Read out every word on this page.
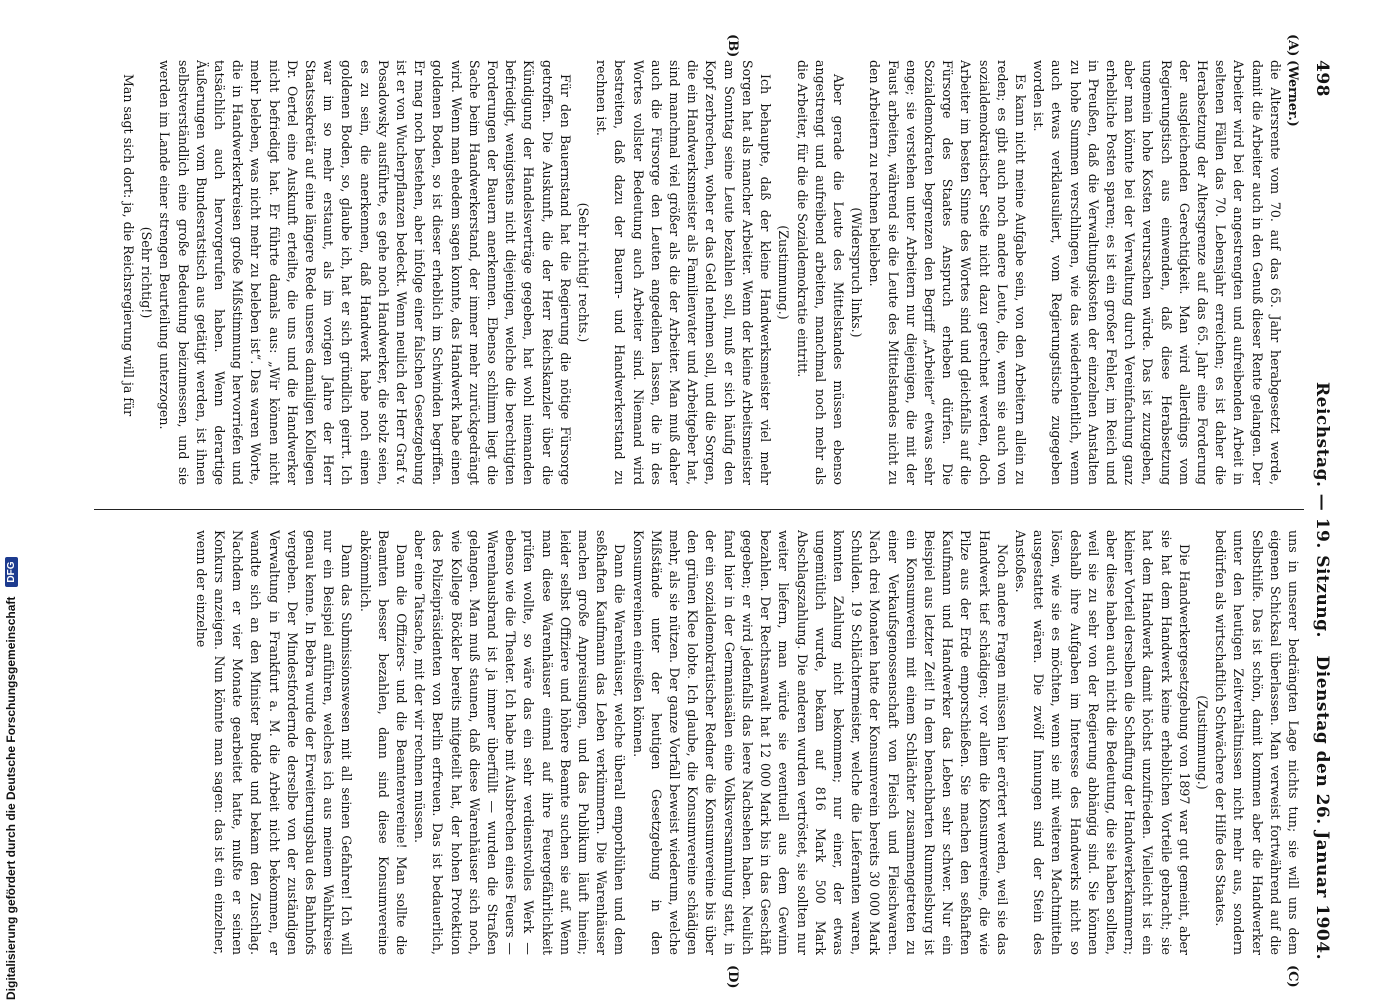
498
Reichstag. — 19. Sitzung.
Dienstag den 26. Januar 1904.
(A)
(B)
(C)
(D)

(Werner.)

die Altersrente vom 70. auf das 65. Jahr herabgesetzt werde, damit die Arbeiter auch in den Genuß dieser Rente gelangen. Der Arbeiter wird bei der angestrengten und aufreibenden Arbeit in seltenen Fällen das 70. Lebensjahr erreichen; es ist daher die Herabsetzung der Altersgrenze auf das 65. Jahr eine Forderung der ausgleichenden Gerechtigkeit. Man wird allerdings vom Regierungstisch aus einwenden, daß diese Herabsetzung ungemein hohe Kosten verursachen würde. Das ist zuzugeben, aber man könnte bei der Verwaltung durch Vereinfachung ganz erhebliche Posten sparen; es ist ein großer Fehler, im Reich und in Preußen, daß die Verwaltungskosten der einzelnen Anstalten zu hohe Summen verschlingen, wie das wiederholentlich, wenn auch etwas verklausuliert, vom Regierungstische zugegeben worden ist.

Es kann nicht meine Aufgabe sein, von den Arbeitern allein zu reden; es gibt auch noch andere Leute, die, wenn sie auch von sozialdemokratischer Seite nicht dazu gerechnet werden, doch Arbeiter im besten Sinne des Wortes sind und gleichfalls auf die Fürsorge des Staates Anspruch erheben dürfen. Die Sozialdemokraten begrenzen den Begriff „Arbeiter“ etwas sehr enge; sie verstehen unter Arbeitern nur diejenigen, die mit der Faust arbeiten, während sie die Leute des Mittelstandes nicht zu den Arbeitern zu rechnen belieben.

(Widerspruch links.)

Aber gerade die Leute des Mittelstandes müssen ebenso angestrengt und aufreibend arbeiten, manchmal noch mehr als die Arbeiter, für die die Sozialdemokratie eintritt.

(Zustimmung.)

Ich behaupte, daß der kleine Handwerksmeister viel mehr Sorgen hat als mancher Arbeiter. Wenn der kleine Arbeitsmeister am Sonntag seine Leute bezahlen soll, muß er sich häufig den Kopf zerbrechen, woher er das Geld nehmen soll, und die Sorgen, die ein Handwerksmeister als Familienvater und Arbeitgeber hat, sind manchmal viel größer als die der Arbeiter. Man muß daher auch die Fürsorge den Leuten angedeihen lassen, die in des Wortes vollster Bedeutung auch Arbeiter sind. Niemand wird bestreiten, daß dazu der Bauern- und Handwerkerstand zu rechnen ist.

(Sehr richtig! rechts.)

Für den Bauernstand hat die Regierung die nötige Fürsorge getroffen. Die Auskunft, die der Herr Reichskanzler über die Kündigung der Handelsverträge gegeben, hat wohl niemanden befriedigt, wenigstens nicht diejenigen, welche die berechtigten Forderungen der Bauern anerkennen. Ebenso schlimm liegt die Sache beim Handwerkerstand, der immer mehr zurückgedrängt wird. Wenn man ehedem sagen konnte, das Handwerk habe einen goldenen Boden, so ist dieser erheblich im Schwinden begriffen. Er mag noch bestehen, aber infolge einer falschen Gesetzgebung ist er von Wucherpflanzen bedeckt. Wenn neulich der Herr Graf v. Posadowsky ausführte, es gehe noch Handwerker, die stolz seien, es zu sein, die anerkennen, daß Handwerk habe noch einen goldenen Boden, so, glaube ich, hat er sich gründlich geirrt. Ich war im so mehr erstaunt, als im vorigen Jahre der Herr Staatssekretär auf eine längere Rede unseres damaligen Kollegen Dr. Oertel eine Auskunft erteilte, die uns und die Handwerker nicht befriedigt hat. Er führte damals aus: „Wir können nicht mehr beleben, was nicht mehr zu beleben ist“. Das waren Worte, die in Handwerkerkreisen große Mißstimmung hervorriefen und tatsächlich auch hervorgerufen haben. Wenn derartige Äußerungen vom Bundesratstisch aus getätigt werden, ist ihnen selbstverständlich eine große Bedeutung beizumessen, und sie werden im Lande einer strengen Beurteilung unterzogen.

(Sehr richtig!)

Man sagt sich dort: ja, die Reichsregierung will ja für

uns in unserer bedrängten Lage nichts tun; sie will uns dem eigenen Schicksal überlassen. Man verweist fortwährend auf die Selbsthilfe. Das ist schön, damit kommen aber die Handwerker unter den heutigen Zeitverhältnissen nicht mehr aus, sondern bedürfen als wirtschaftlich Schwächere der Hilfe des Staates.

(Zustimmung.)

Die Handwerkergesetzgebung von 1897 war gut gemeint, aber sie hat dem Handwerk keine erheblichen Vorteile gebracht; sie hat dem Handwerk damit höchst unzufrieden. Vielleicht ist ein kleiner Vorteil derselben die Schaffung der Handwerkerkammern; aber diese haben auch nicht die Bedeutung, die sie haben sollten, weil sie zu sehr von der Regierung abhängig sind. Sie können deshalb ihre Aufgaben im Interesse des Handwerks nicht so lösen, wie sie es möchten, wenn sie mit weiteren Machtmitteln ausgestattet wären. Die zwölf Innungen sind der Stein des Anstoßes.

Noch andere Fragen müssen hier erörtert werden, weil sie das Handwerk tief schädigen; vor allem die Konsumvereine, die wie Pilze aus der Erde emporschießen. Sie machen den seßhaften Kaufmann und Handwerker das Leben sehr schwer. Nur ein Beispiel aus letzter Zeit! In dem benachbarten Rummelsburg ist ein Konsumverein mit einem Schlächter zusammengetreten zu einer Verkaufsgenossenschaft von Fleisch und Fleischwaren. Nach drei Monaten hatte der Konsumverein bereits 30 000 Mark Schulden. 19 Schlächtermeister, welche die Lieferanten waren, konnten Zahlung nicht bekommen; nur einer, der etwas ungemütlich wurde, bekam auf 816 Mark 500 Mark Abschlagszahlung. Die anderen wurden vertröstet, sie sollten nur weiter liefern, man würde sie eventuell aus dem Gewinn bezahlen. Der Rechtsanwalt hat 12 000 Mark bis in das Geschäft gegeben; er wird jedenfalls das leere Nachsehen haben. Neulich fand hier in der Germaniasälen eine Volksversammlung statt, in der ein sozialdemokratischer Redner die Konsumvereine bis über den grünen Klee lobte. Ich glaube, die Konsumvereine schädigen mehr, als sie nützen. Der ganze Vorfall beweist wiederum, welche Mißstände unter der heutigen Gesetzgebung in den Konsumvereinen einreißen können.

Dann die Warenhäuser, welche überall emporblühen und dem seßhaften Kaufmann das Leben verkümmern. Die Warenhäuser machen große Anpreisungen, und das Publikum läuft hinein; leider selbst Offiziere und höhere Beamte suchen sie auf. Wenn man diese Warenhäuser einmal auf ihre Feuergefährlichkeit prüfen wollte, so wäre das ein sehr verdienstvolles Werk — ebenso wie die Theater. Ich habe mit Ausbrechen eines Feuers — Warenhausbrand ist ja immer überfüllt — wurden die Straßen gelangen. Man muß staunen, daß diese Warenhäuser sich noch, wie Kollege Böckler bereits mitgeteilt hat, der hohen Protektion des Polizeipräsidenten von Berlin erfreuen. Das ist bedauerlich, aber eine Tatsache, mit der wir rechnen müssen.

Dann die Offiziers- und die Beamtenvereine! Man sollte die Beamten besser bezahlen, dann sind diese Konsumvereine abkömmlich.

Dann das Submissionswesen mit all seinen Gefahren! Ich will nur ein Beispiel anführen, welches ich aus meinem Wahlkreise genau kenne. In Bebra wurde der Erweiterungsbau des Bahnhofs vergeben. Der Mindestfordernde derselbe von der zuständigen Verwaltung in Frankfurt a. M. die Arbeit nicht bekommen, er wandte sich an den Minister Budde und bekam den Zuschlag. Nachdem er vier Monate gearbeitet hatte, mußte er seinen Konkurs anzeigen. Nun könnte man sagen: das ist ein einzelner, wenn der einzelne

Digitalisierung gefördert durch die Deutsche Forschungsgemeinschaft
DFG
